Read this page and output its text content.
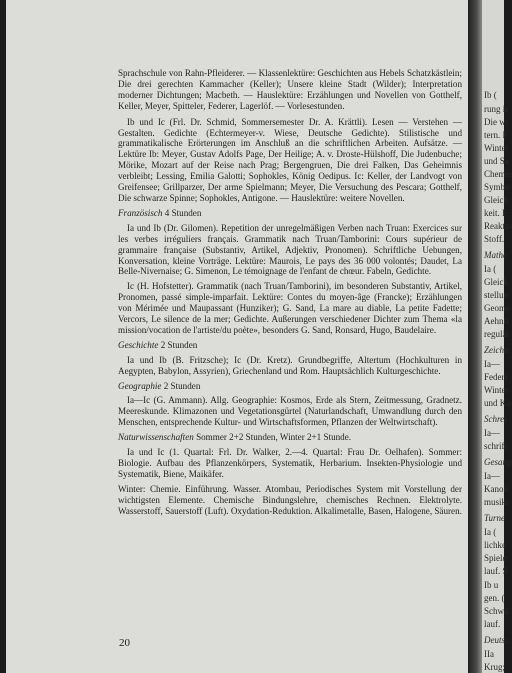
Sprachschule von Rahn-Pfleiderer. — Klassenlektüre: Geschichten aus Hebels Schatzkästlein; Die drei gerechten Kammacher (Keller); Unsere kleine Stadt (Wilder); Interpretation moderner Dichtungen; Macbeth. — Hauslektüre: Erzählungen und Novellen von Gotthelf, Keller, Meyer, Spitteler, Federer, Lagerlöf. — Vorlesestunden.

Ib und Ic (Frl. Dr. Schmid, Sommersemester Dr. A. Krättli). Lesen — Verstehen — Gestalten. Gedichte (Echtermeyer-v. Wiese, Deutsche Gedichte). Stilistische und grammatikalische Erörterungen im Anschluß an die schriftlichen Arbeiten. Aufsätze. — Lektüre Ib: Meyer, Gustav Adolfs Page, Der Heilige; A. v. Droste-Hülshoff, Die Judenbuche; Mörike, Mozart auf der Reise nach Prag; Bergengruen, Die drei Falken, Das Geheimnis verbleibt; Lessing, Emilia Galotti; Sophokles, König Oedipus. Ic: Keller, der Landvogt von Greifensee; Grillparzer, Der arme Spielmann; Meyer, Die Versuchung des Pescara; Gotthelf, Die schwarze Spinne; Sophokles, Antigone. — Hauslektüre: weitere Novellen.

Französisch 4 Stunden

Ia und Ib (Dr. Gilomen). Repetition der unregelmäßigen Verben nach Truan: Exercices sur les verbes irréguliers français. Grammatik nach Truan/Tamborini: Cours supérieur de grammaire française (Substantiv, Artikel, Adjektiv, Pronomen). Schriftliche Uebungen, Konversation, kleine Vorträge. Lektüre: Maurois, Le pays des 36 000 volontés; Daudet, La Belle-Nivernaise; G. Simenon, Le témoignage de l'enfant de chœur. Fabeln, Gedichte.

Ic (H. Hofstetter). Grammatik (nach Truan/Tamborini), im besonderen Substantiv, Artikel, Pronomen, passé simple-imparfait. Lektüre: Contes du moyen-âge (Francke); Erzählungen von Mérimée und Maupassant (Hunziker); G. Sand, La mare au diable, La petite Fadette; Vercors, Le silence de la mer; Gedichte. Außerungen verschiedener Dichter zum Thema «la mission/vocation de l'artiste/du poète», besonders G. Sand, Ronsard, Hugo, Baudelaire.

Geschichte 2 Stunden

Ia und Ib (B. Fritzsche); Ic (Dr. Kretz). Grundbegriffe, Altertum (Hochkulturen in Aegypten, Babylon, Assyrien), Griechenland und Rom. Hauptsächlich Kulturgeschichte.

Geographie 2 Stunden

Ia—Ic (G. Ammann). Allg. Geographie: Kosmos, Erde als Stern, Zeitmessung, Gradnetz. Meereskunde. Klimazonen und Vegetationsgürtel (Naturlandschaft, Umwandlung durch den Menschen, entsprechende Kultur- und Wirtschaftsformen, Pflanzen der Weltwirtschaft).

Naturwissenschaften Sommer 2+2 Stunden, Winter 2+1 Stunde.

Ia und Ic (1. Quartal: Frl. Dr. Walker, 2.—4. Quartal: Frau Dr. Oelhafen). Sommer: Biologie. Aufbau des Pflanzenkörpers, Systematik, Herbarium. Insekten-Physiologie und Systematik, Biene, Maikäfer.

Winter: Chemie. Einführung. Wasser. Atombau, Periodisches System mit Vorstellung der wichtigsten Elemente. Chemische Bindungslehre, chemisches Rechnen. Elektrolyte. Wasserstoff, Sauerstoff (Luft). Oxydation-Reduktion. Alkalimetalle, Basen, Halogene, Säuren.

20
Ib (
rung ir
Die wi
tern. F
Winter
und Sa
Chemie
Symbo
Gleich
keit. F
Reaktio
Stoff.
Mathe
Ia (
Gleich
stellun
Geome
Aehnli
reguläi
Zeichn
Ia—
Feder)
Winter
und Ko
Schrei
Ia—
schrift
Gesang
Ia—
Kanon
musikt
Turne
Ia (
lichke
Spiele
lauf. S
Ib u
gen. (
Schwii
lauf.
Deutsc
IIa
Krug;
